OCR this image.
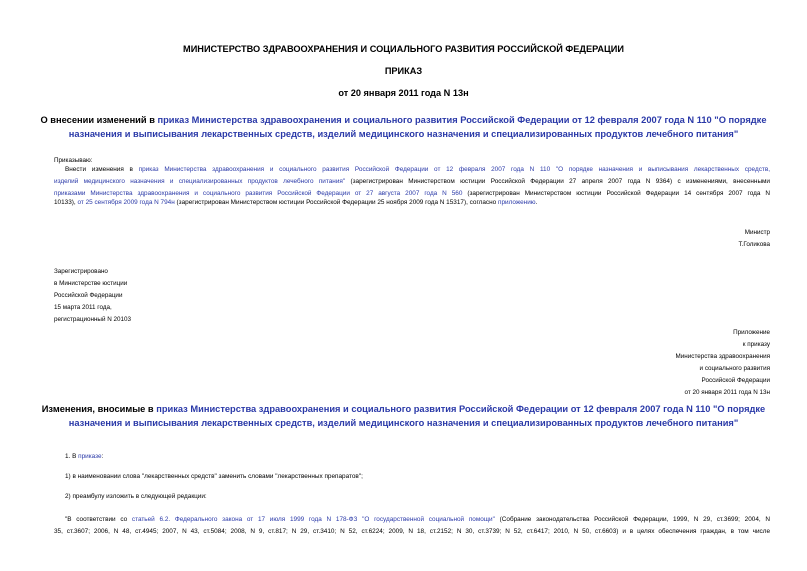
МИНИСТЕРСТВО ЗДРАВООХРАНЕНИЯ И СОЦИАЛЬНОГО РАЗВИТИЯ РОССИЙСКОЙ ФЕДЕРАЦИИ
ПРИКАЗ
от 20 января 2011 года N 13н
О внесении изменений в приказ Министерства здравоохранения и социального развития Российской Федерации от 12 февраля 2007 года N 110 "О порядке
назначения и выписывания лекарственных средств, изделий медицинского назначения и специализированных продуктов лечебного питания"
Приказываю:
Внести изменения в приказ Министерства здравоохранения и социального развития Российской Федерации от 12 февраля 2007 года N 110 "О порядке назначения и выписывания лекарственных средств,
изделий медицинского назначения и специализированных продуктов лечебного питания" (зарегистрирован Министерством юстиции Российской Федерации 27 апреля 2007 года N 9364) с изменениями, внесенными
приказами Министерства здравоохранения и социального развития Российской Федерации от 27 августа 2007 года N 560 (зарегистрирован Министерством юстиции Российской Федерации 14 сентября 2007 года N
10133), от 25 сентября 2009 года N 794н (зарегистрирован Министерством юстиции Российской Федерации 25 ноября 2009 года N 15317), согласно приложению.
Министр
Т.Голикова
Зарегистрировано
в Министерстве юстиции
Российской Федерации
15 марта 2011 года,
регистрационный N 20103
Приложение
к приказу
Министерства здравоохранения
и социального развития
Российской Федерации
от 20 января 2011 года N 13н
Изменения, вносимые в приказ Министерства здравоохранения и социального развития Российской Федерации от 12 февраля 2007 года N 110 "О порядке
назначения и выписывания лекарственных средств, изделий медицинского назначения и специализированных продуктов лечебного питания"
1. В приказе:
1) в наименовании слова "лекарственных средств" заменить словами "лекарственных препаратов";
2) преамбулу изложить в следующей редакции:
"В соответствии со статьей 6.2. Федерального закона от 17 июля 1999 года N 178-ФЗ "О государственной социальной помощи" (Собрание законодательства Российской Федерации, 1999, N 29, ст.3699; 2004, N
35, ст.3607; 2006, N 48, ст.4945; 2007, N 43, ст.5084; 2008, N 9, ст.817; N 29, ст.3410; N 52, ст.6224; 2009, N 18, ст.2152; N 30, ст.3739; N 52, ст.6417; 2010, N 50, ст.6603) и в целях обеспечения граждан, в том числе
